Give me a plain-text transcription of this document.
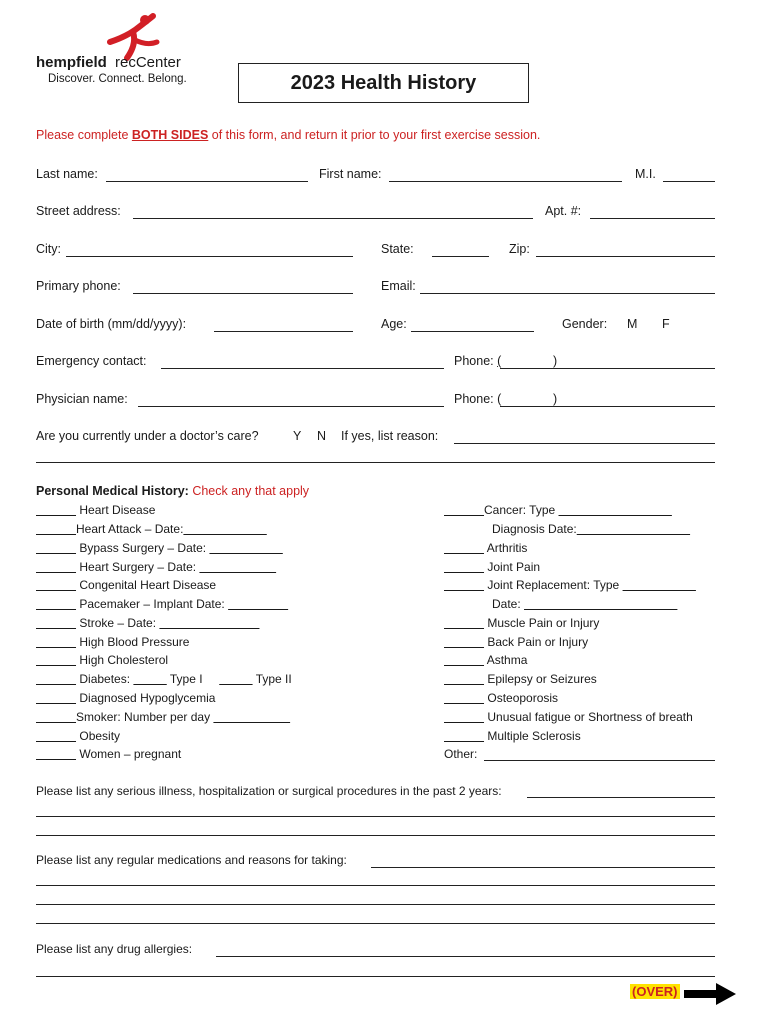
hempfield recCenter
Discover. Connect. Belong.	2023 Health History
Please complete BOTH SIDES of this form, and return it prior to your first exercise session.
Last name:	First name:	M.I.
Street address:	Apt. #:
City:	State:	Zip:
Primary phone:	Email:
Date of birth (mm/dd/yyyy):	Age:	Gender: M F
Emergency contact:	Phone: (	)
Physician name:	Phone: (	)
Are you currently under a doctor’s care?	Y N If yes, list reason:
Personal Medical History: Check any that apply
Heart Disease
Heart Attack – Date:
Bypass Surgery – Date:
Heart Surgery – Date:
Congenital Heart Disease
Pacemaker – Implant Date:
Stroke – Date:
High Blood Pressure
High Cholesterol
Diabetes:	Type I	Type II
Diagnosed Hypoglycemia
Smoker: Number per day
Obesity
Women – pregnant
Cancer: Type
Diagnosis Date:
Arthritis
Joint Pain
Joint Replacement: Type
Date:
Muscle Pain or Injury
Back Pain or Injury
Asthma
Epilepsy or Seizures
Osteoporosis
Unusual fatigue or Shortness of breath
Multiple Sclerosis
Other:
Please list any serious illness, hospitalization or surgical procedures in the past 2 years:
Please list any regular medications and reasons for taking:
Please list any drug allergies:
(OVER)
